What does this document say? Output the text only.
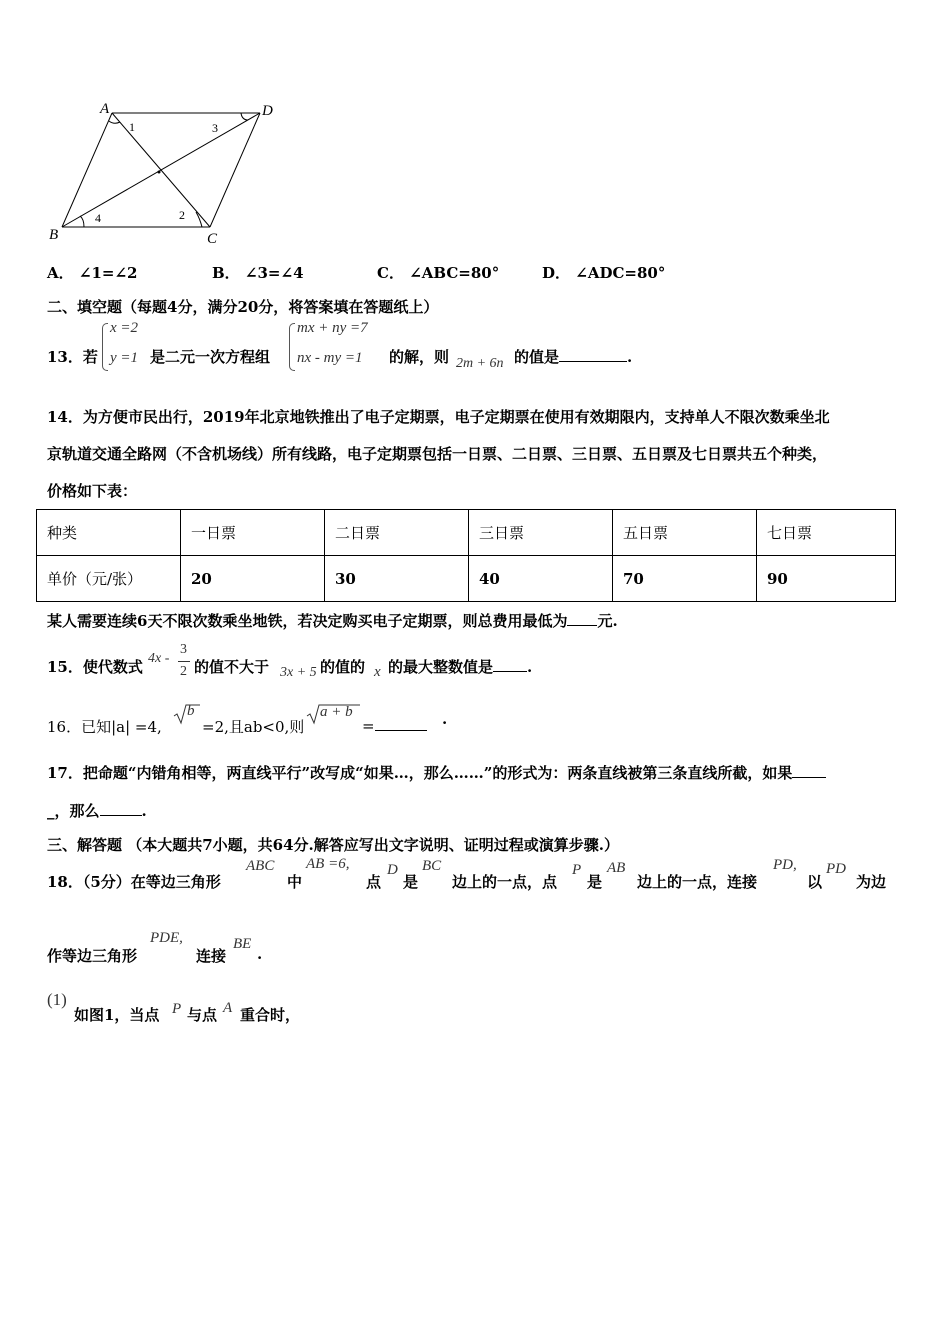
A	D
B	C
1	3
4	2
A． ∠1=∠2	B． ∠3=∠4	C． ∠ABC=80°	D． ∠ADC=80°
二、填空题（每题4分，满分20分，将答案填在答题纸上）
13．若
x =2
y =1 是二元一次方程组
mx + ny =7
nx - my =1 的解，则 2m + 6n 的值是	.
14．为方便市民出行，2019年北京地铁推出了电子定期票，电子定期票在使用有效期限内，支持单人不限次数乘坐北
京轨道交通全路网（不含机场线）所有线路，电子定期票包括一日票、二日票、三日票、五日票及七日票共五个种类，
价格如下表：
种类	一日票	二日票	三日票	五日票	七日票
单价（元/张）	20	30	40	70	90
某人需要连续6天不限次数乘坐地铁，若决定购买电子定期票，则总费用最低为 元.
15．使代数式 4x -
3
2 的值不大于 3x + 5 的值的 x 的最大整数值是 .
16．已知|a| =4,
b
=2,且ab<0,则
a + b
=	·
17．把命题“内错角相等，两直线平行”改写成“如果…，那么……”的形式为：两条直线被第三条直线所截，如果
_，那么	.
三、解答题 （本大题共7小题，共64分.解答应写出文字说明、证明过程或演算步骤.）
18．（5分）在等边三角形
ABC
中
AB =6,
点
D
是
BC
边上的一点，点
P
是
AB
边上的一点，连接
PD,
以
PD
为边
作等边三角形
PDE,
连接
BE
.
(1)
如图1，当点 P 与点 A 重合时，
